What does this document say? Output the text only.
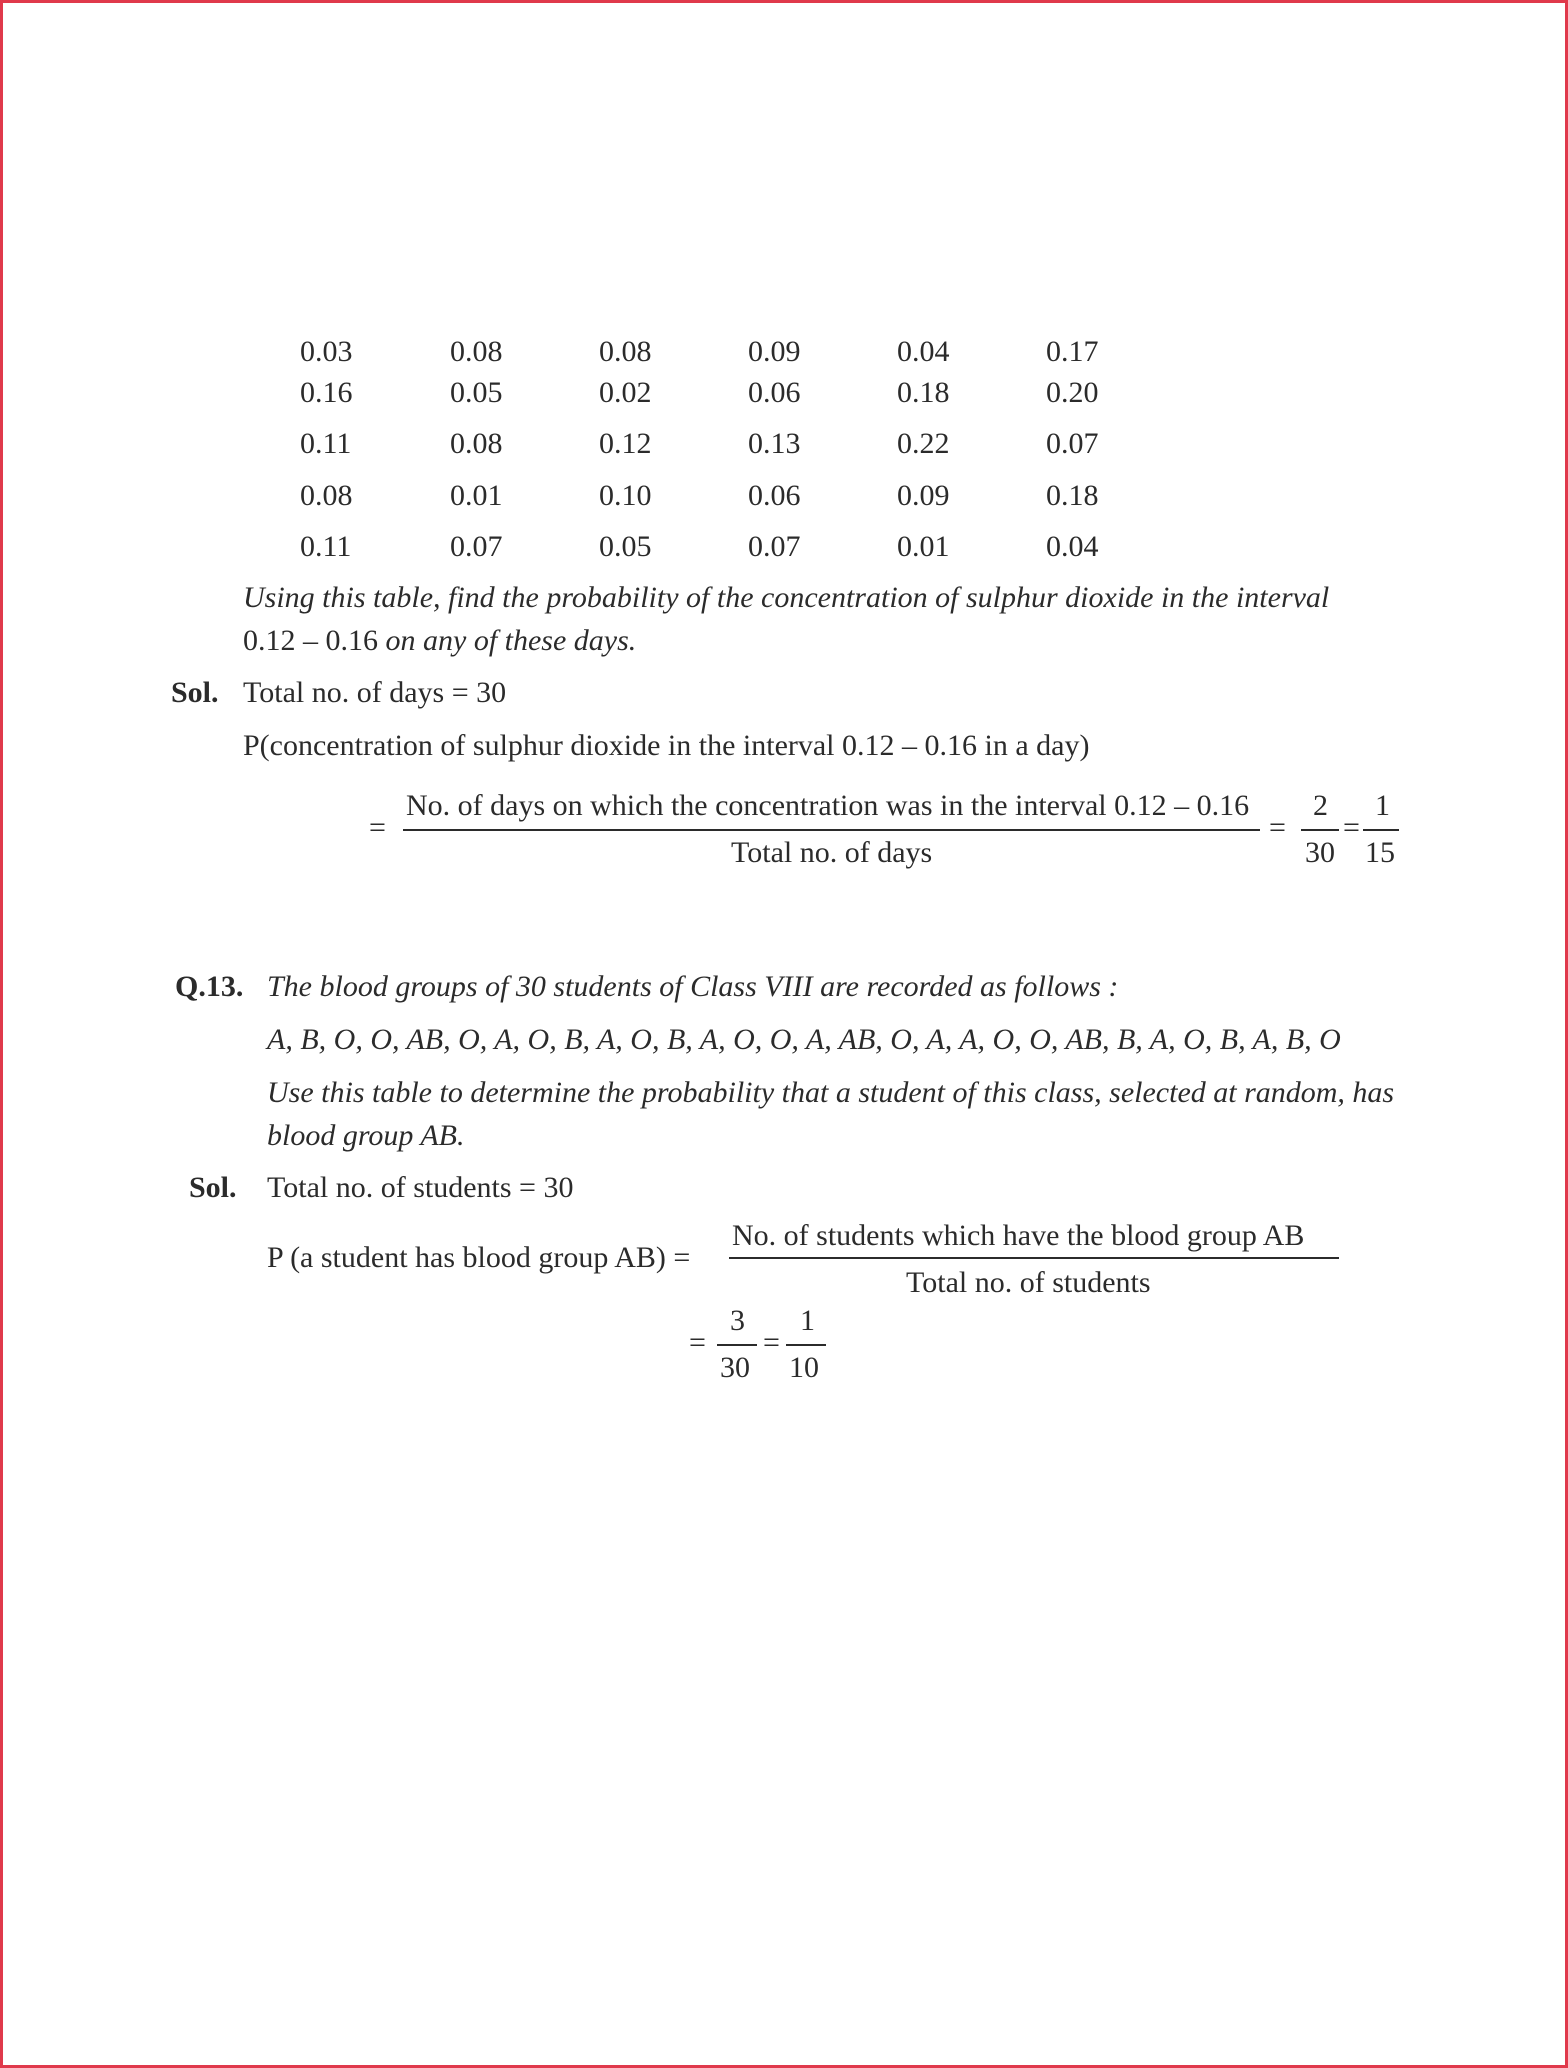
0.03	0.08	0.08	0.09	0.04	0.17
0.16	0.05	0.02	0.06	0.18	0.20
0.11	0.08	0.12	0.13	0.22	0.07
0.08	0.01	0.10	0.06	0.09	0.18
0.11	0.07	0.05	0.07	0.01	0.04
Using this table, find the probability of the concentration of sulphur dioxide in the interval
0.12 – 0.16 on any of these days.
Sol. Total no. of days = 30
P(concentration of sulphur dioxide in the interval 0.12 – 0.16 in a day)
=
No. of days on which the concentration was in the interval 0.12 – 0.16
Total no. of days
=
2
30
=
1
15
Q.13. The blood groups of 30 students of Class VIII are recorded as follows :
A, B, O, O, AB, O, A, O, B, A, O, B, A, O, O, A, AB, O, A, A, O, O, AB, B, A, O, B, A, B, O
Use this table to determine the probability that a student of this class, selected at random, has
blood group AB.
Sol. Total no. of students = 30
P (a student has blood group AB) =
No. of students which have the blood group AB
Total no. of students
=
3
30
=
1
10
